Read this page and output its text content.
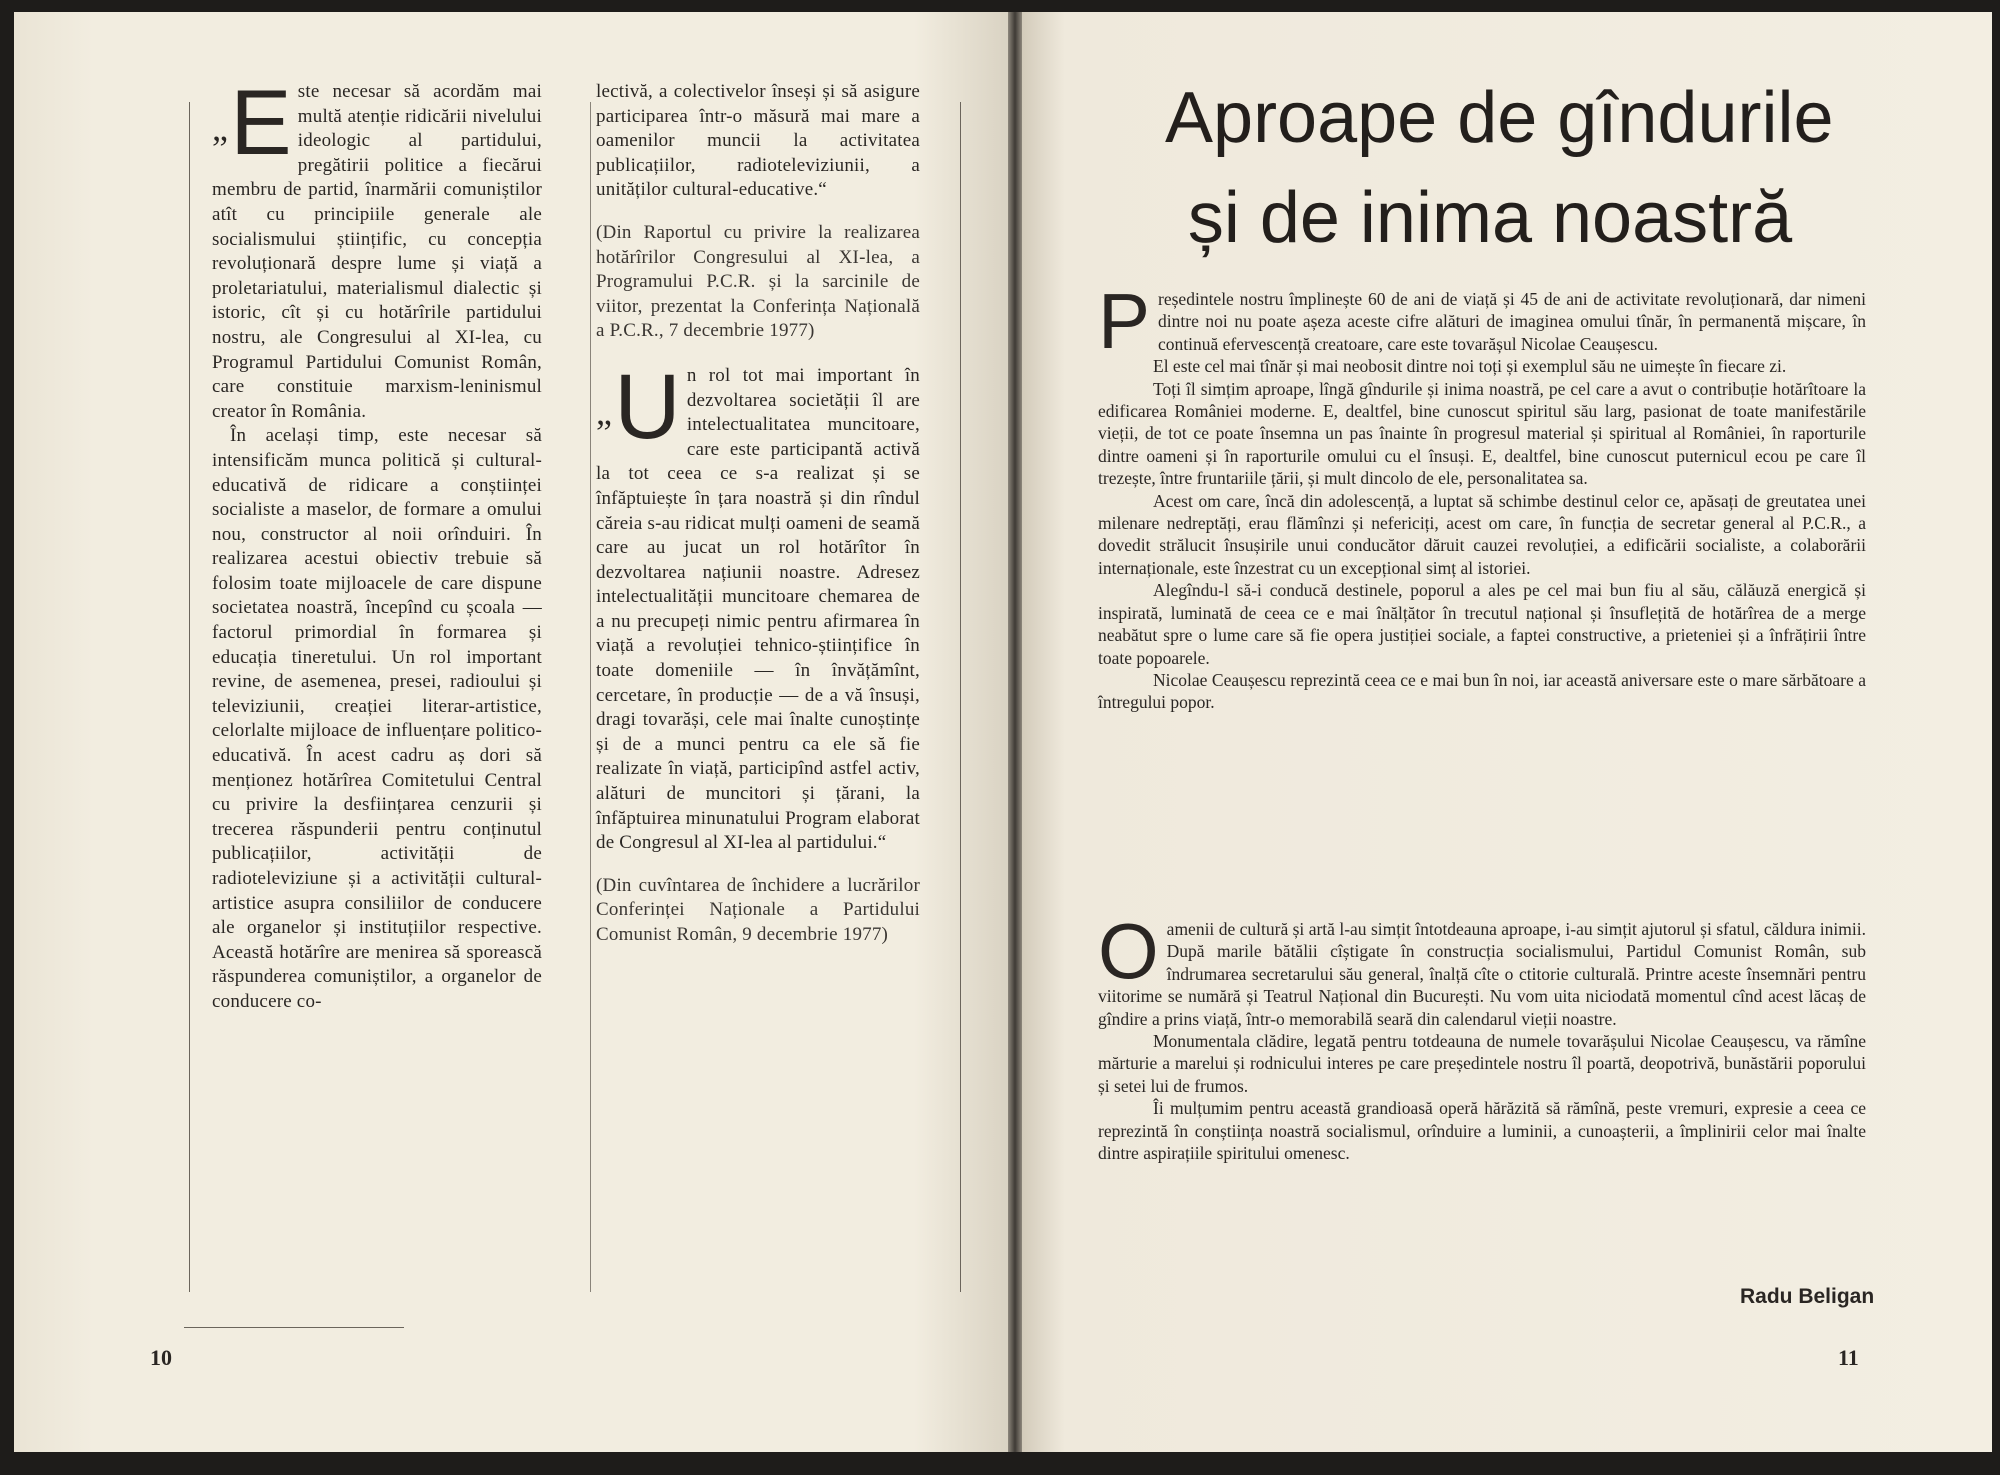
„ E ste necesar să acordăm mai multă atenție ridicării nivelului ideologic al partidului, pregătirii politice a fiecărui membru de partid, înarmării comuniștilor atît cu principiile generale ale socialismului științific, cu concepția revoluționară despre lume și viață a proletariatului, materialismul dialectic și istoric, cît și cu hotărîrile partidului nostru, ale Congresului al XI-lea, cu Programul Partidului Comunist Român, care constituie marxism-leninismul creator în România.

În același timp, este necesar să intensificăm munca politică și cultural-educativă de ridicare a conștiinței socialiste a maselor, de formare a omului nou, constructor al noii orînduiri. În realizarea acestui obiectiv trebuie să folosim toate mijloacele de care dispune societatea noastră, începînd cu școala — factorul primordial în formarea și educația tineretului. Un rol important revine, de asemenea, presei, radioului și televiziunii, creației literar-artistice, celorlalte mijloace de influențare politico-educativă. În acest cadru aș dori să menționez hotărîrea Comitetului Central cu privire la desființarea cenzurii și trecerea răspunderii pentru conținutul publicațiilor, activității de radioteleviziune și a activității cultural-artistice asupra consiliilor de conducere ale organelor și instituțiilor respective. Această hotărîre are menirea să sporească răspunderea comuniștilor, a organelor de conducere co-

lectivă, a colectivelor înseși și să asigure participarea într-o măsură mai mare a oamenilor muncii la activitatea publicațiilor, radioteleviziunii, a unităților cultural-educative.“

(Din Raportul cu privire la realizarea hotărîrilor Congresului al XI-lea, a Programului P.C.R. și la sarcinile de viitor, prezentat la Conferința Națională a P.C.R., 7 decembrie 1977)
„ U n rol tot mai important în dezvoltarea societății îl are intelectualitatea muncitoare, care este participantă activă la tot ceea ce s-a realizat și se înfăptuiește în țara noastră și din rîndul căreia s-au ridicat mulți oameni de seamă care au jucat un rol hotărîtor în dezvoltarea națiunii noastre. Adresez intelectualității muncitoare chemarea de a nu precupeți nimic pentru afirmarea în viață a revoluției tehnico-științifice în toate domeniile — în învățămînt, cercetare, în producție — de a vă însuși, dragi tovarăși, cele mai înalte cunoștințe și de a munci pentru ca ele să fie realizate în viață, participînd astfel activ, alături de muncitori și țărani, la înfăptuirea minunatului Program elaborat de Congresul al XI-lea al partidului.“

(Din cuvîntarea de închidere a lucrărilor Conferinței Naționale a Partidului Comunist Român, 9 decembrie 1977)
10
Aproape de gîndurile
și de inima noastră
P reședintele nostru împlinește 60 de ani de viață și 45 de ani de activitate revoluționară, dar nimeni dintre noi nu poate așeza aceste cifre alături de imaginea omului tînăr, în permanentă mișcare, în continuă efervescență creatoare, care este tovarășul Nicolae Ceaușescu.

El este cel mai tînăr și mai neobosit dintre noi toți și exemplul său ne uimește în fiecare zi.

Toți îl simțim aproape, lîngă gîndurile și inima noastră, pe cel care a avut o contribuție hotărîtoare la edificarea României moderne. E, dealtfel, bine cunoscut spiritul său larg, pasionat de toate manifestările vieții, de tot ce poate însemna un pas înainte în progresul material și spiritual al României, în raporturile dintre oameni și în raporturile omului cu el însuși. E, dealtfel, bine cunoscut puternicul ecou pe care îl trezește, între fruntariile țării, și mult dincolo de ele, personalitatea sa.

Acest om care, încă din adolescență, a luptat să schimbe destinul celor ce, apăsați de greutatea unei milenare nedreptăți, erau flămînzi și nefericiți, acest om care, în funcția de secretar general al P.C.R., a dovedit strălucit însușirile unui conducător dăruit cauzei revoluției, a edificării socialiste, a colaborării internaționale, este înzestrat cu un excepțional simț al istoriei.

Alegîndu-l să-i conducă destinele, poporul a ales pe cel mai bun fiu al său, călăuză energică și inspirată, luminată de ceea ce e mai înălțător în trecutul național și însuflețită de hotărîrea de a merge neabătut spre o lume care să fie opera justiției sociale, a faptei constructive, a prieteniei și a înfrățirii între toate popoarele.

Nicolae Ceaușescu reprezintă ceea ce e mai bun în noi, iar această aniversare este o mare sărbătoare a întregului popor.

O amenii de cultură și artă l-au simțit întotdeauna aproape, i-au simțit ajutorul și sfatul, căldura inimii. După marile bătălii cîștigate în construcția socialismului, Partidul Comunist Român, sub îndrumarea secretarului său general, înalță cîte o ctitorie culturală. Printre aceste însemnări pentru viitorime se numără și Teatrul Național din București. Nu vom uita niciodată momentul cînd acest lăcaș de gîndire a prins viață, într-o memorabilă seară din calendarul vieții noastre.

Monumentala clădire, legată pentru totdeauna de numele tovarășului Nicolae Ceaușescu, va rămîne mărturie a marelui și rodnicului interes pe care președintele nostru îl poartă, deopotrivă, bunăstării poporului și setei lui de frumos.

Îi mulțumim pentru această grandioasă operă hărăzită să rămînă, peste vremuri, expresie a ceea ce reprezintă în conștiința noastră socialismul, orînduire a luminii, a cunoașterii, a împlinirii celor mai înalte dintre aspirațiile spiritului omenesc.

Radu Beligan
11
